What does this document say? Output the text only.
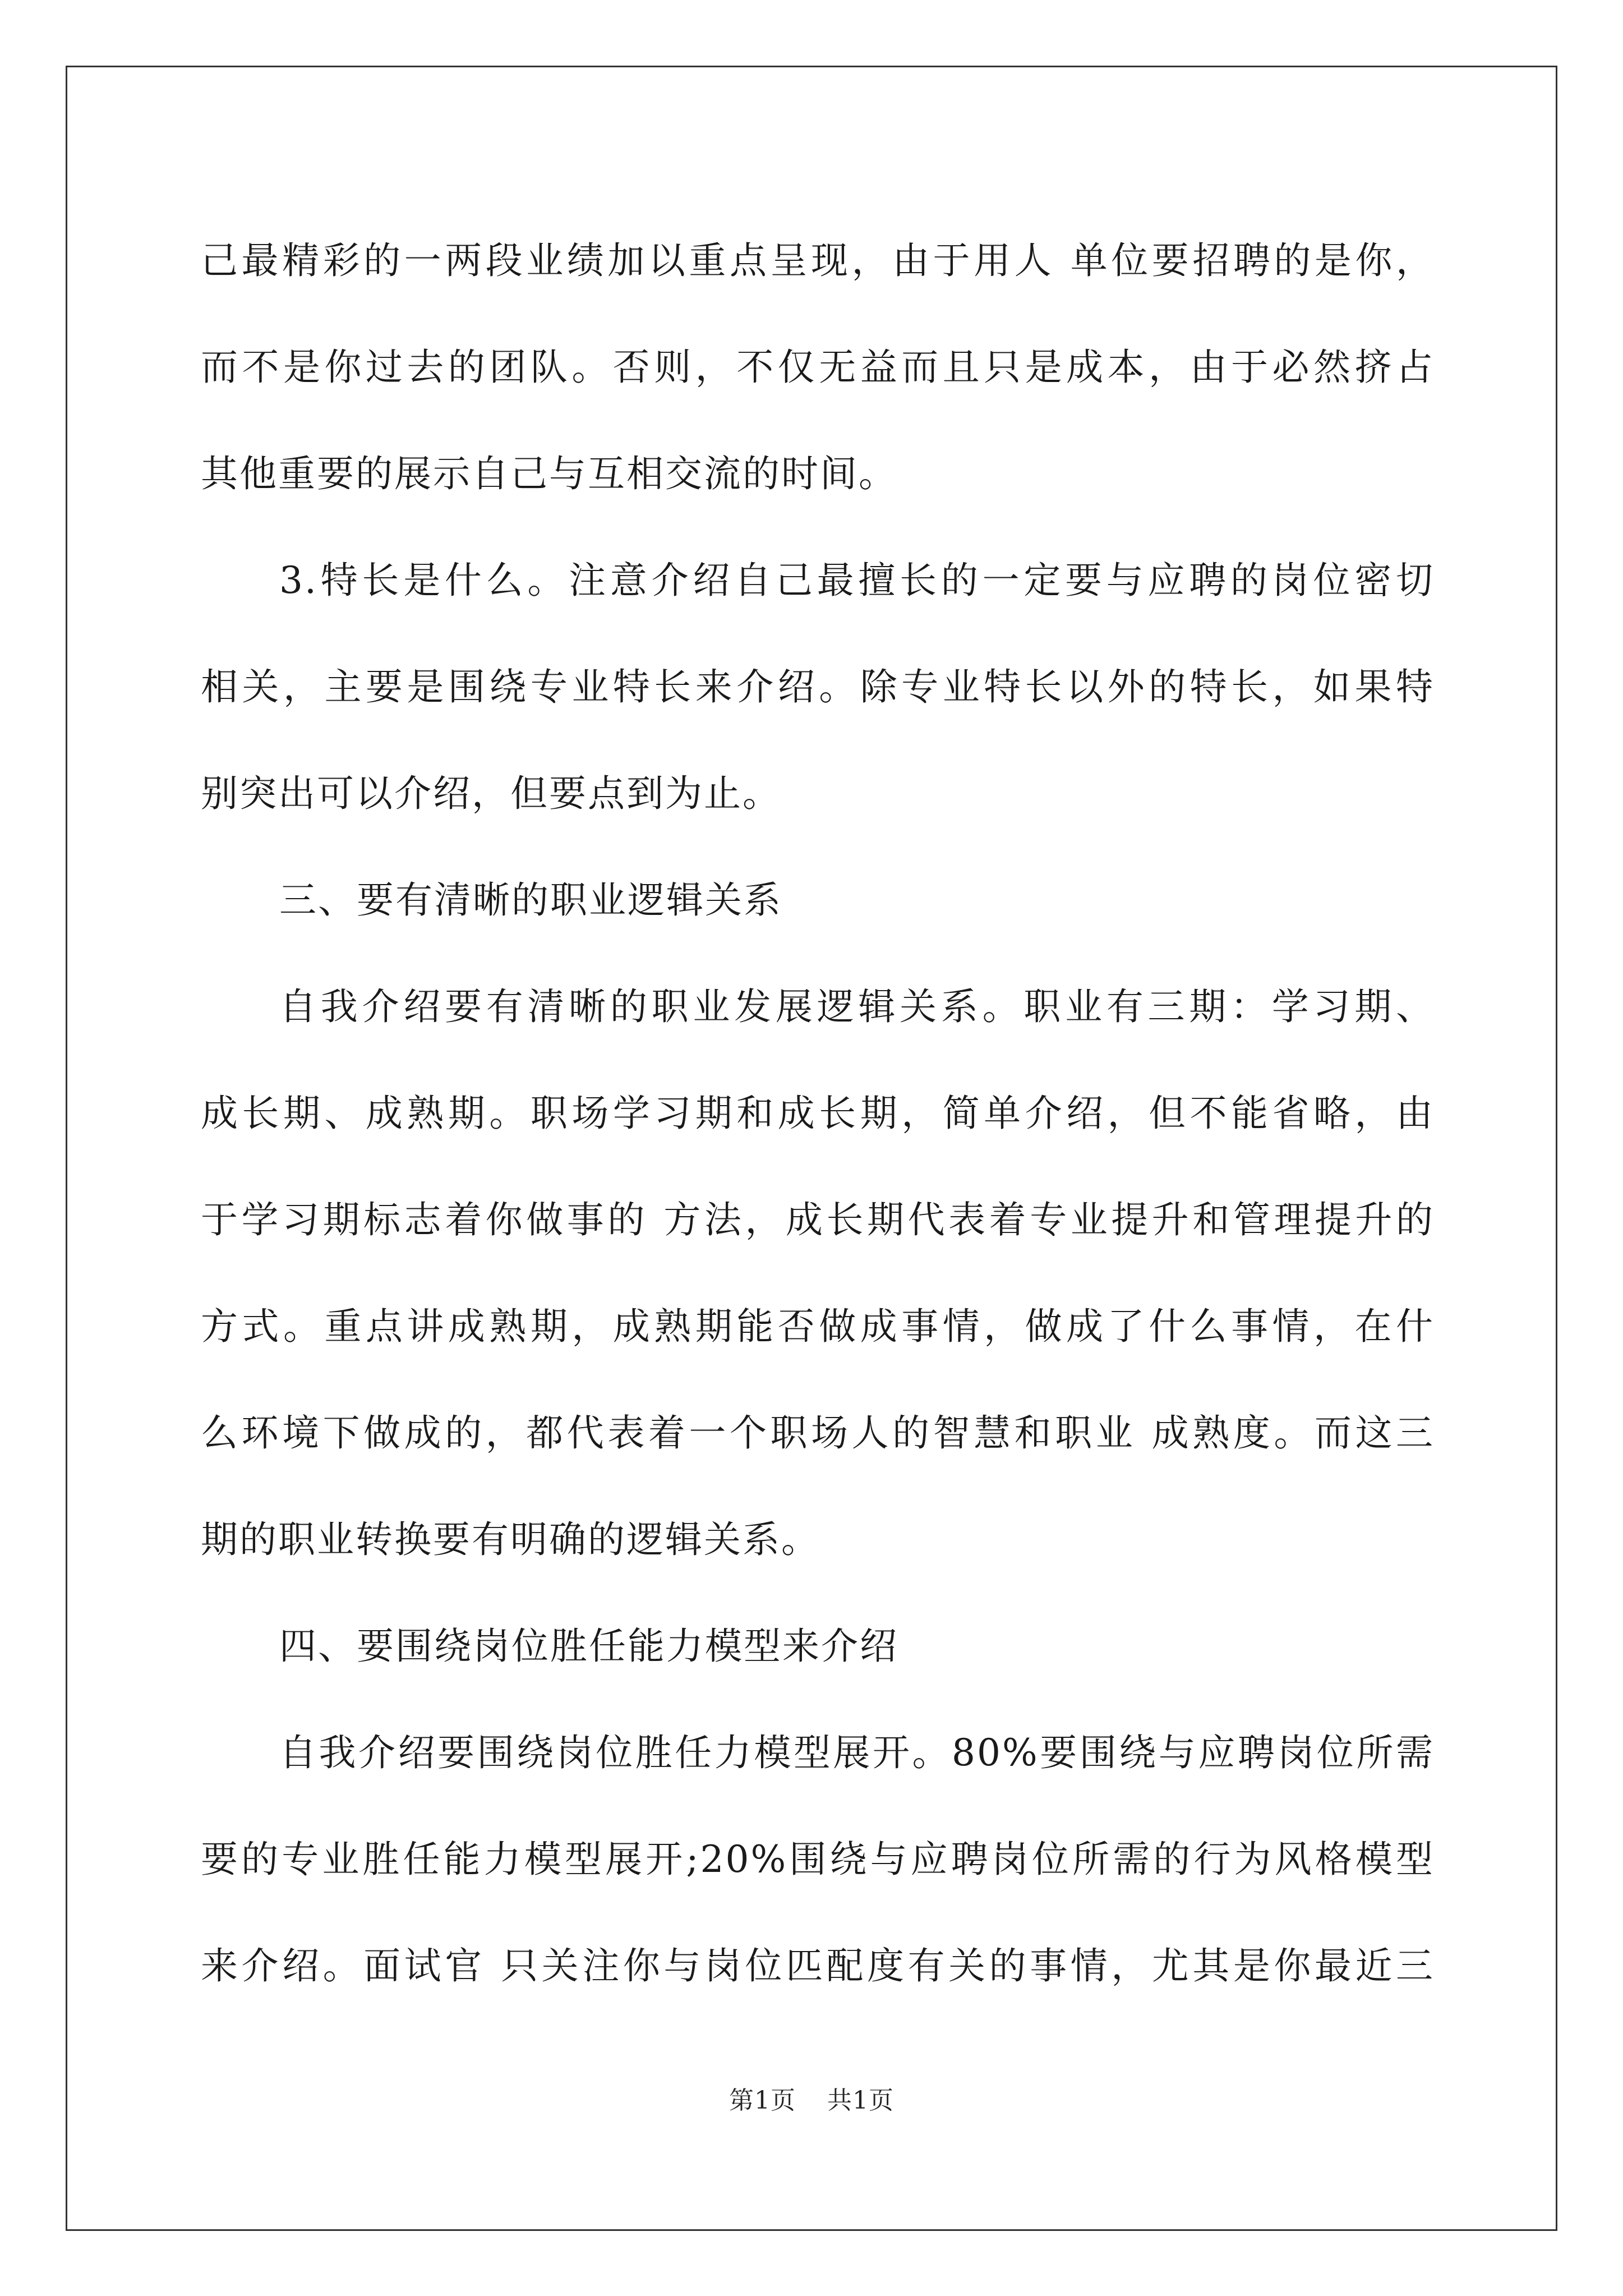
己最精彩的一两段业绩加以重点呈现，由于用人 单位要招聘的是你，
而不是你过去的团队。否则，不仅无益而且只是成本，由于必然挤占
其他重要的展示自己与互相交流的时间。
3.特长是什么。注意介绍自己最擅长的一定要与应聘的岗位密切
相关，主要是围绕专业特长来介绍。除专业特长以外的特长，如果特
别突出可以介绍，但要点到为止。
三、要有清晰的职业逻辑关系
自我介绍要有清晰的职业发展逻辑关系。职业有三期：学习期、
成长期、成熟期。职场学习期和成长期，简单介绍，但不能省略，由
于学习期标志着你做事的 方法，成长期代表着专业提升和管理提升的
方式。重点讲成熟期，成熟期能否做成事情，做成了什么事情，在什
么环境下做成的，都代表着一个职场人的智慧和职业 成熟度。而这三
期的职业转换要有明确的逻辑关系。
四、要围绕岗位胜任能力模型来介绍
自我介绍要围绕岗位胜任力模型展开。80%要围绕与应聘岗位所需
要的专业胜任能力模型展开;20%围绕与应聘岗位所需的行为风格模型
来介绍。面试官 只关注你与岗位匹配度有关的事情，尤其是你最近三
第1页 共1页
